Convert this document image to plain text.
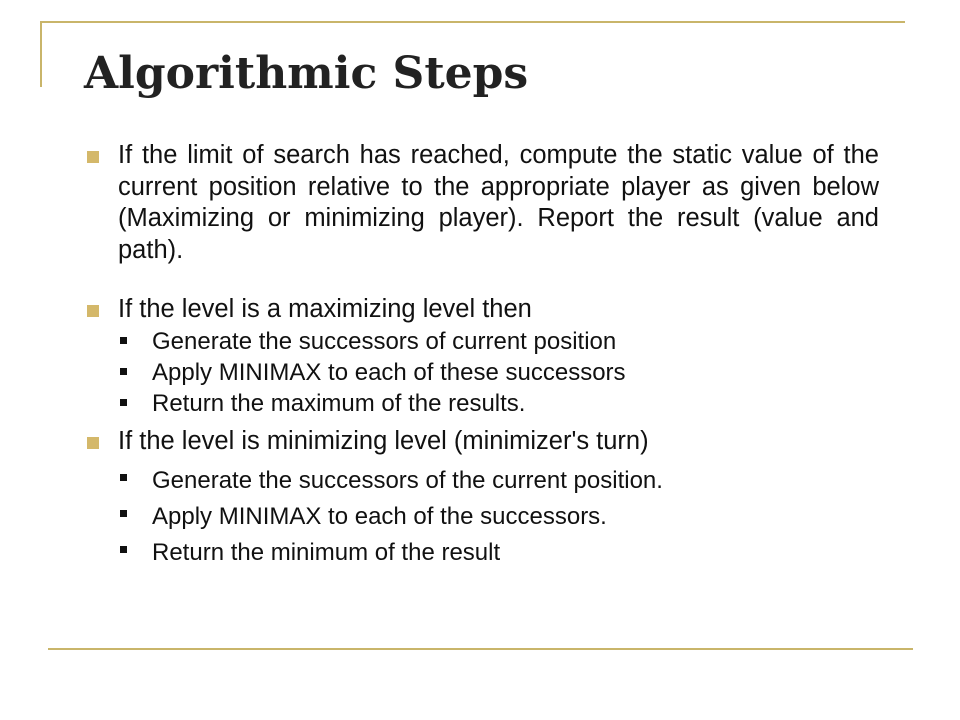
Algorithmic Steps
If the limit of search has reached, compute the static value of the current position relative to the appropriate player as given below (Maximizing or minimizing player). Report the result (value and path).
If the level is a maximizing level then
Generate the successors of current position
Apply MINIMAX to each of these successors
Return the maximum of the results.
If the level is minimizing level (minimizer's turn)
Generate the successors of the current position.
Apply MINIMAX to each of the successors.
Return the minimum of the result
